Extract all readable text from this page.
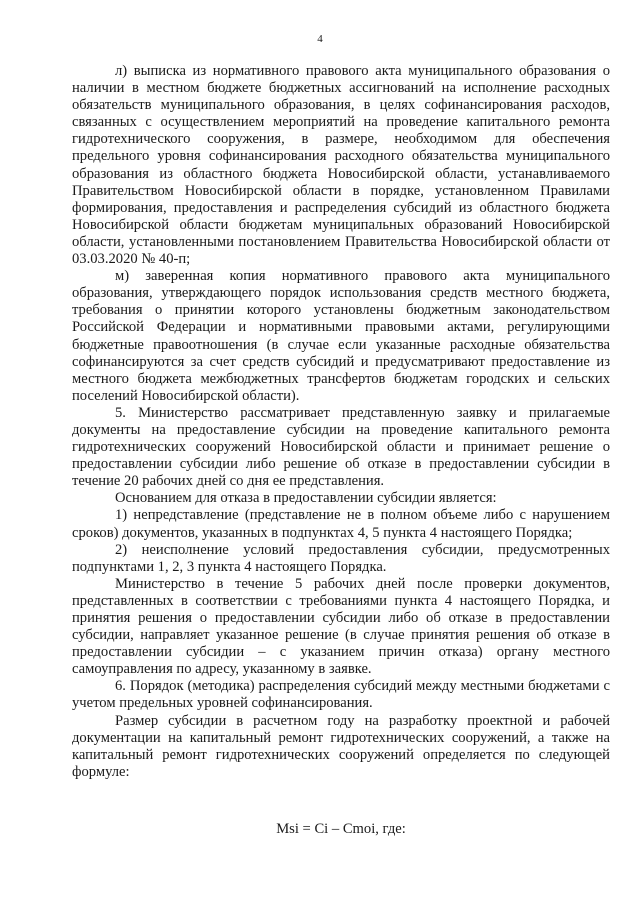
4

л) выписка из нормативного правового акта муниципального образования о наличии в местном бюджете бюджетных ассигнований на исполнение расходных обязательств муниципального образования, в целях софинансирования расходов, связанных с осуществлением мероприятий на проведение капитального ремонта гидротехнического сооружения, в размере, необходимом для обеспечения предельного уровня софинансирования расходного обязательства муниципального образования из областного бюджета Новосибирской области, устанавливаемого Правительством Новосибирской области в порядке, установленном Правилами формирования, предоставления и распределения субсидий из областного бюджета Новосибирской области бюджетам муниципальных образований Новосибирской области, установленными постановлением Правительства Новосибирской области от 03.03.2020 № 40-п;

м) заверенная копия нормативного правового акта муниципального образования, утверждающего порядок использования средств местного бюджета, требования о принятии которого установлены бюджетным законодательством Российской Федерации и нормативными правовыми актами, регулирующими бюджетные правоотношения (в случае если указанные расходные обязательства софинансируются за счет средств субсидий и предусматривают предоставление из местного бюджета межбюджетных трансфертов бюджетам городских и сельских поселений Новосибирской области).

5. Министерство рассматривает представленную заявку и прилагаемые документы на предоставление субсидии на проведение капитального ремонта гидротехнических сооружений Новосибирской области и принимает решение о предоставлении субсидии либо решение об отказе в предоставлении субсидии в течение 20 рабочих дней со дня ее представления.

Основанием для отказа в предоставлении субсидии является:

1) непредставление (представление не в полном объеме либо с нарушением сроков) документов, указанных в подпунктах 4, 5 пункта 4 настоящего Порядка;

2) неисполнение условий предоставления субсидии, предусмотренных подпунктами 1, 2, 3 пункта 4 настоящего Порядка.

Министерство в течение 5 рабочих дней после проверки документов, представленных в соответствии с требованиями пункта 4 настоящего Порядка, и принятия решения о предоставлении субсидии либо об отказе в предоставлении субсидии, направляет указанное решение (в случае принятия решения об отказе в предоставлении субсидии – с указанием причин отказа) органу местного самоуправления по адресу, указанному в заявке.

6. Порядок (методика) распределения субсидий между местными бюджетами с учетом предельных уровней софинансирования.

Размер субсидии в расчетном году на разработку проектной и рабочей документации на капитальный ремонт гидротехнических сооружений, а также на капитальный ремонт гидротехнических сооружений определяется по следующей формуле:

Msi = Ci – Cmoi, где:
